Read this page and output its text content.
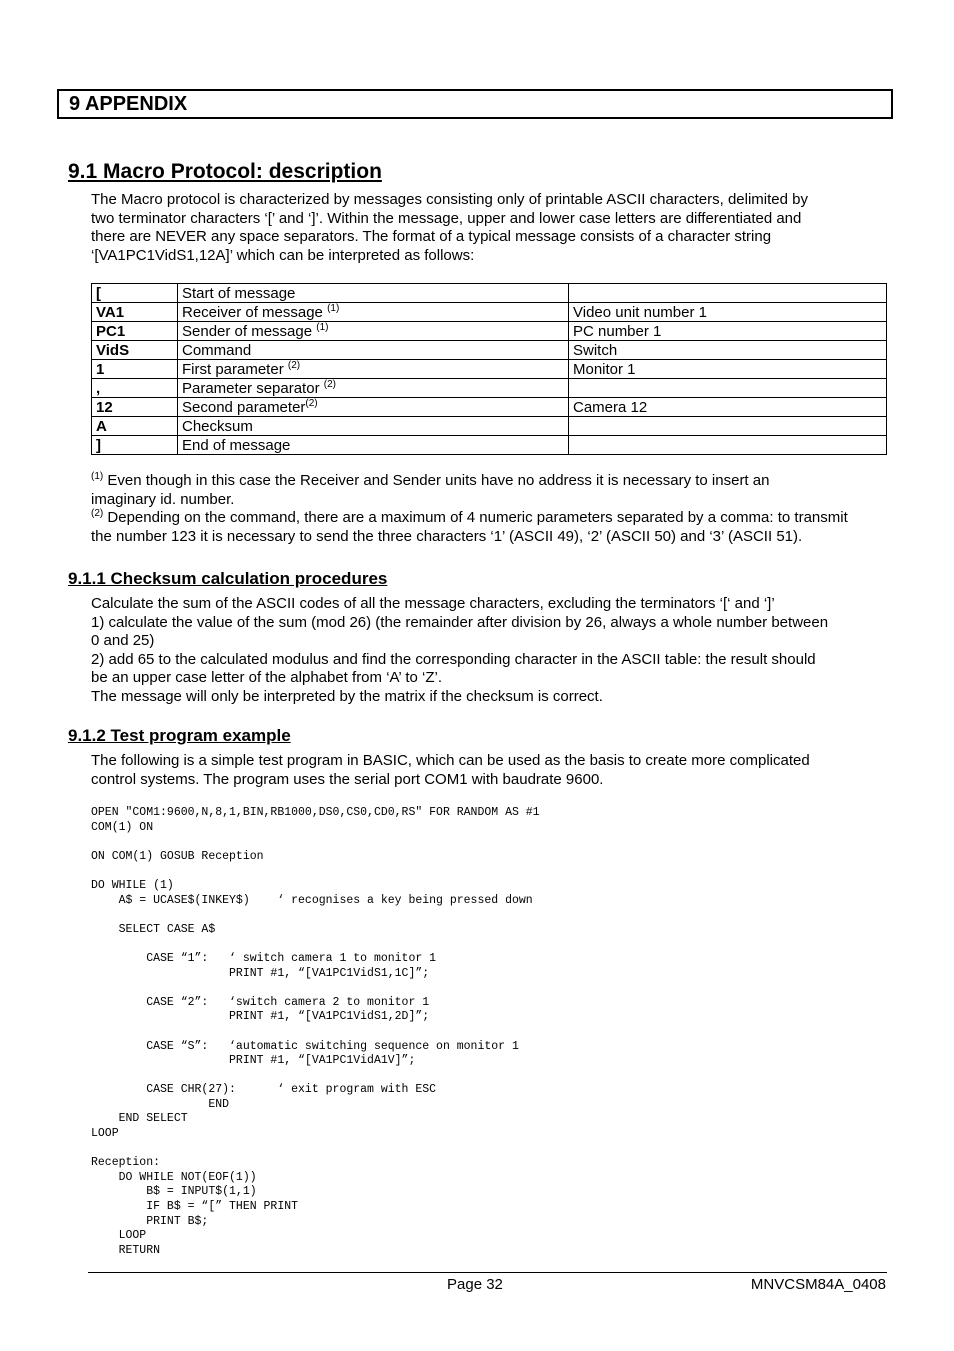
9 APPENDIX
9.1 Macro Protocol: description

The Macro protocol is characterized by messages consisting only of printable ASCII characters, delimited by

two terminator characters ‘[’ and ‘]’. Within the message, upper and lower case letters are differentiated and

there are NEVER any space separators. The format of a typical message consists of a character string

‘[VA1PC1VidS1,12A]’ which can be interpreted as follows:

[	Start of message	
VA1	Receiver of message $^{(1)}$	Video unit number 1
PC1	Sender of message $^{(1)}$	PC number 1
VidS	Command	Switch
1	First parameter $^{(2)}$	Monitor 1
,	Parameter separator $^{(2)}$	
12	Second parameter$^{(2)}$	Camera 12
A	Checksum	
]	End of message	

$^{(1)}$ Even though in this case the Receiver and Sender units have no address it is necessary to insert an

imaginary id. number.

$^{(2)}$ Depending on the command, there are a maximum of 4 numeric parameters separated by a comma: to transmit

the number 123 it is necessary to send the three characters ‘1’ (ASCII 49), ‘2’ (ASCII 50) and ‘3’ (ASCII 51).

9.1.1 Checksum calculation procedures

Calculate the sum of the ASCII codes of all the message characters, excluding the terminators ‘[‘ and ‘]’

1) calculate the value of the sum (mod 26) (the remainder after division by 26, always a whole number between

0 and 25)

2) add 65 to the calculated modulus and find the corresponding character in the ASCII table: the result should

be an upper case letter of the alphabet from ‘A’ to ‘Z’.

The message will only be interpreted by the matrix if the checksum is correct.

9.1.2 Test program example

The following is a simple test program in BASIC, which can be used as the basis to create more complicated

control systems. The program uses the serial port COM1 with baudrate 9600.

OPEN "COM1:9600,N,8,1,BIN,RB1000,DS0,CS0,CD0,RS" FOR RANDOM AS #1
COM(1) ON

ON COM(1) GOSUB Reception

DO WHILE (1)
A$ = UCASE$(INKEY$)    ‘ recognises a key being pressed down

SELECT CASE A$

CASE “1”:   ‘ switch camera 1 to monitor 1
PRINT #1, “[VA1PC1VidS1,1C]”;

CASE “2”:   ‘switch camera 2 to monitor 1
PRINT #1, “[VA1PC1VidS1,2D]”;

CASE “S”:   ‘automatic switching sequence on monitor 1
PRINT #1, “[VA1PC1VidA1V]”;

CASE CHR(27):      ‘ exit program with ESC
END
END SELECT
LOOP

Reception:
DO WHILE NOT(EOF(1))
B$ = INPUT$(1,1)
IF B$ = “[” THEN PRINT
PRINT B$;
LOOP
RETURN
Page 32	MNVCSM84A_0408
